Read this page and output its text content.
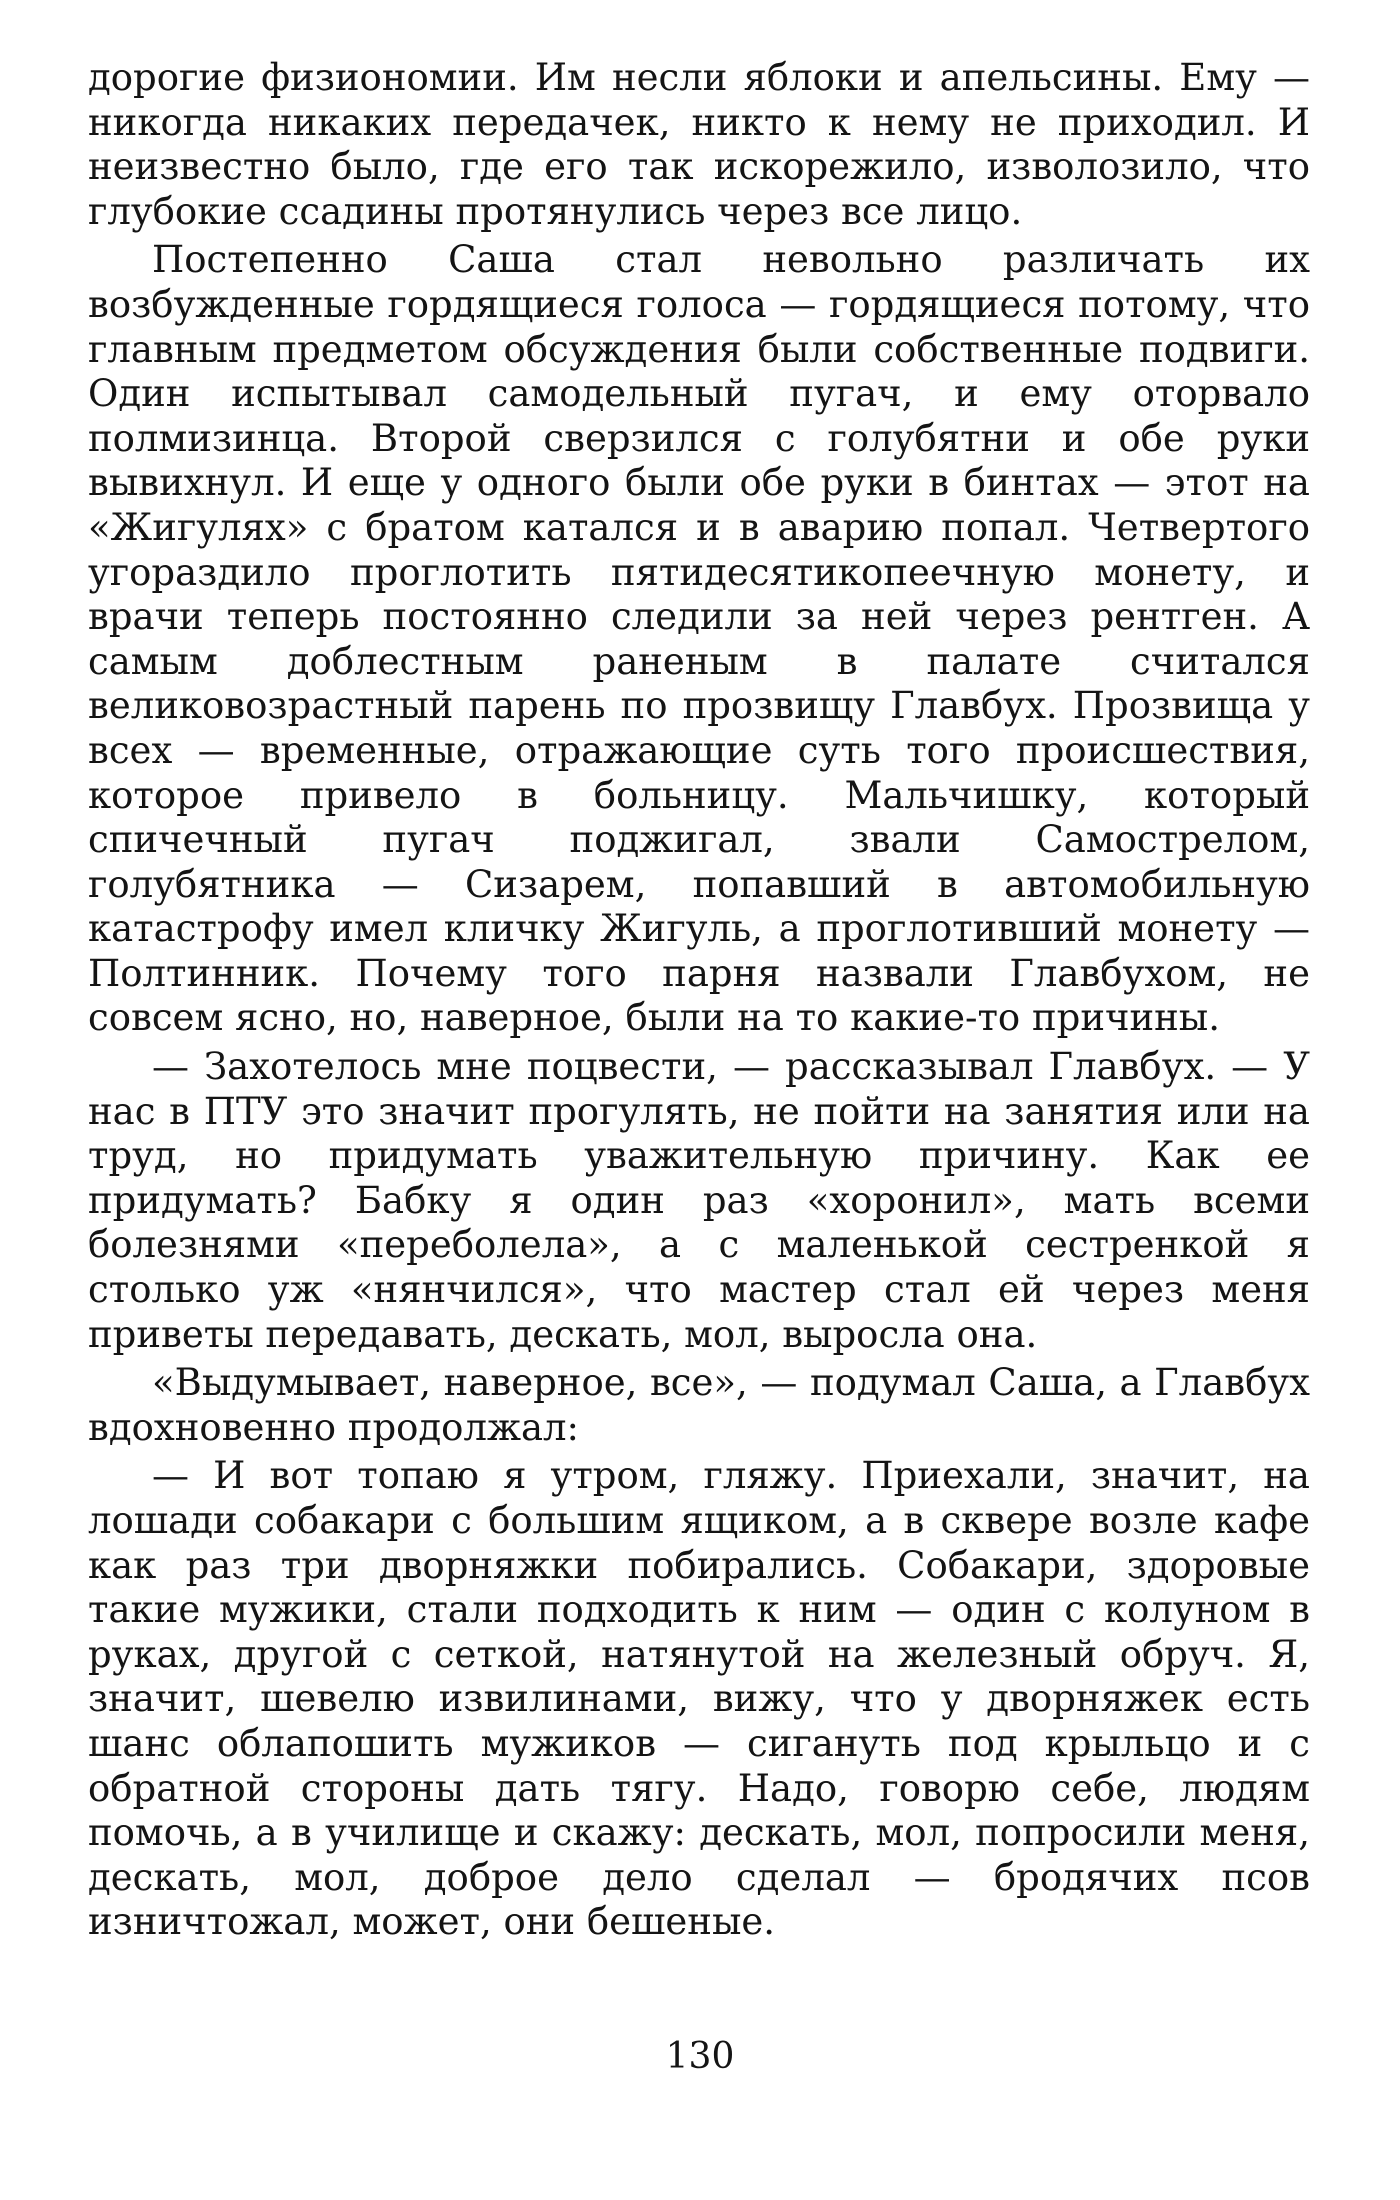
дорогие физиономии. Им несли яблоки и апельсины. Ему — никогда никаких передачек, никто к нему не приходил. И неизвестно было, где его так искорежило, изволозило, что глубокие ссадины протянулись через все лицо.

Постепенно Саша стал невольно различать их возбужденные гордящиеся голоса — гордящиеся потому, что главным предметом обсуждения были собственные подвиги. Один испытывал самодельный пугач, и ему оторвало полмизинца. Второй сверзился с голубятни и обе руки вывихнул. И еще у одного были обе руки в бинтах — этот на «Жигулях» с братом катался и в аварию попал. Четвертого угораздило проглотить пятидесятикопеечную монету, и врачи теперь постоянно следили за ней через рентген. А самым доблестным раненым в палате считался великовозрастный парень по прозвищу Главбух. Прозвища у всех — временные, отражающие суть того происшествия, которое привело в больницу. Мальчишку, который спичечный пугач поджигал, звали Самострелом, голубятника — Сизарем, попавший в автомобильную катастрофу имел кличку Жигуль, а проглотивший монету — Полтинник. Почему того парня назвали Главбухом, не совсем ясно, но, наверное, были на то какие-то причины.

— Захотелось мне поцвести, — рассказывал Главбух. — У нас в ПТУ это значит прогулять, не пойти на занятия или на труд, но придумать уважительную причину. Как ее придумать? Бабку я один раз «хоронил», мать всеми болезнями «переболела», а с маленькой сестренкой я столько уж «нянчился», что мастер стал ей через меня приветы передавать, дескать, мол, выросла она.

«Выдумывает, наверное, все», — подумал Саша, а Главбух вдохновенно продолжал:

— И вот топаю я утром, гляжу. Приехали, значит, на лошади собакари с большим ящиком, а в сквере возле кафе как раз три дворняжки побирались. Собакари, здоровые такие мужики, стали подходить к ним — один с колуном в руках, другой с сеткой, натянутой на железный обруч. Я, значит, шевелю извилинами, вижу, что у дворняжек есть шанс облапошить мужиков — сигануть под крыльцо и с обратной стороны дать тягу. Надо, говорю себе, людям помочь, а в училище и скажу: дескать, мол, попросили меня, дескать, мол, доброе дело сделал — бродячих псов изничтожал, может, они бешеные.

130
